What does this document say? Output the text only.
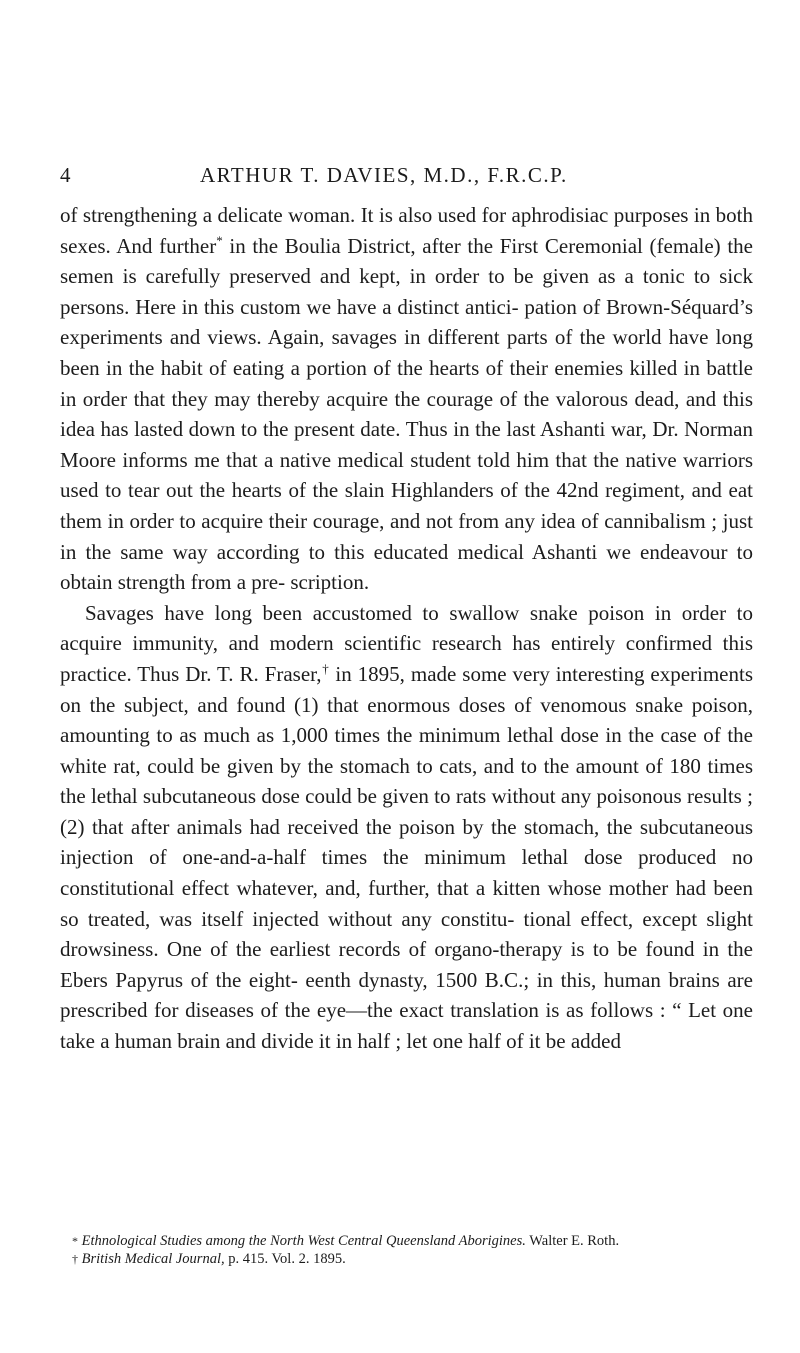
4	ARTHUR T. DAVIES, M.D., F.R.C.P.

of strengthening a delicate woman. It is also used for aphrodisiac purposes in both sexes. And further* in the Boulia District, after the First Ceremonial (female) the semen is carefully preserved and kept, in order to be given as a tonic to sick persons. Here in this custom we have a distinct antici- pation of Brown-Séquard’s experiments and views. Again, savages in different parts of the world have long been in the habit of eating a portion of the hearts of their enemies killed in battle in order that they may thereby acquire the courage of the valorous dead, and this idea has lasted down to the present date. Thus in the last Ashanti war, Dr. Norman Moore informs me that a native medical student told him that the native warriors used to tear out the hearts of the slain Highlanders of the 42nd regiment, and eat them in order to acquire their courage, and not from any idea of cannibalism ; just in the same way according to this educated medical Ashanti we endeavour to obtain strength from a pre- scription.

Savages have long been accustomed to swallow snake poison in order to acquire immunity, and modern scientific research has entirely confirmed this practice. Thus Dr. T. R. Fraser,† in 1895, made some very interesting experiments on the subject, and found (1) that enormous doses of venomous snake poison, amounting to as much as 1,000 times the minimum lethal dose in the case of the white rat, could be given by the stomach to cats, and to the amount of 180 times the lethal subcutaneous dose could be given to rats without any poisonous results ; (2) that after animals had received the poison by the stomach, the subcutaneous injection of one-and-a-half times the minimum lethal dose produced no constitutional effect whatever, and, further, that a kitten whose mother had been so treated, was itself injected without any constitu- tional effect, except slight drowsiness. One of the earliest records of organo-therapy is to be found in the Ebers Papyrus of the eight- eenth dynasty, 1500 B.C.; in this, human brains are prescribed for diseases of the eye—the exact translation is as follows : “ Let one take a human brain and divide it in half ; let one half of it be added

* Ethnological Studies among the North West Central Queensland Aborigines. Walter E. Roth.

† British Medical Journal, p. 415. Vol. 2. 1895.
